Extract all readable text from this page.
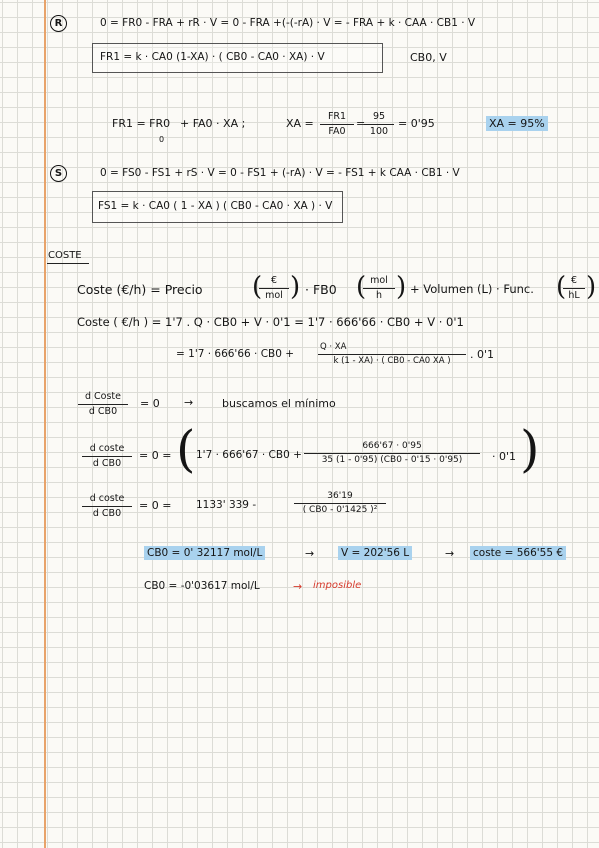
R	0 = FR0 - FRA + rR · V = 0 - FRA +(-(-rA) · V = - FRA + k · CAA · CB1 · V
FR1 = k · CA0 (1-XA) · ( CB0 - CA0 · XA) · V	CB0, V
FR1 = FR0
0
+ FA0 · XA ;	XA = $\frac{FR1}{FA0}$ =
$\frac{95}{100} = 0'95$	XA = 95%
S	0 = FS0 - FS1 + rS · V = 0 - FS1 + (-rA) · V = - FS1 + k CAA · CB1 · V
FS1 = k · CA0 ( 1 - XA ) ( CB0 - CA0 · XA ) · V
COSTE
Coste (€/h) = Precio ( €
mol ) · FB0 ( mol
h ) + Volumen (L) · Func. ( €
hL )
Coste ( €/h ) = 1'7 . Q · CB0 + V · 0'1 = 1'7 · 666'66 · CB0 + V · 0'1
= 1'7 · 666'66 · CB0 +	$\frac{Q \cdot XA}{k (1 - XA) \cdot ( CB0 - CA0 XA )}$ . 0'1
d Coste
d CB0
= 0 →	buscamos el mínimo
$\frac{\text{d coste}}{\text{d CB0}} = 0$ = ( $1'7 \cdot 666'67 \cdot CB0 + \frac{666'67 \cdot 0'95}{35 (1 - 0'95) (CB0 - 0'15 \cdot 0'95)} \cdot 0'1$ )
$\frac{\text{d coste}}{\text{d CB0}} = 0 = 1133'$ 339 -	$\frac{36'19}{\text{( CB0 - 0'1425 )²}}$
CB0 = 0' 32117 mol/L	→	V = 202'56 L	→ coste = 566'55 €
CB0 = -0'03617 mol/L	→ imposible
